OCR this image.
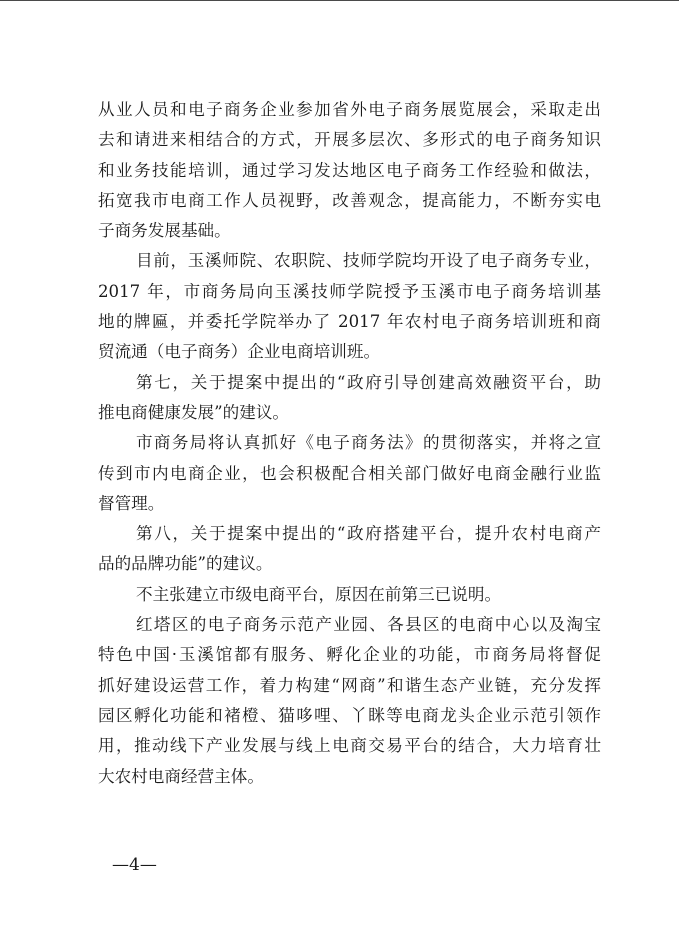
从业人员和电子商务企业参加省外电子商务展览展会，采取走出
去和请进来相结合的方式，开展多层次、多形式的电子商务知识
和业务技能培训，通过学习发达地区电子商务工作经验和做法，
拓宽我市电商工作人员视野，改善观念，提高能力，不断夯实电
子商务发展基础。
目前，玉溪师院、农职院、技师学院均开设了电子商务专业，
2017 年，市商务局向玉溪技师学院授予玉溪市电子商务培训基
地的牌匾，并委托学院举办了 2017 年农村电子商务培训班和商
贸流通（电子商务）企业电商培训班。
第七，关于提案中提出的“政府引导创建高效融资平台，助
推电商健康发展”的建议。
市商务局将认真抓好《电子商务法》的贯彻落实，并将之宣
传到市内电商企业，也会积极配合相关部门做好电商金融行业监
督管理。
第八，关于提案中提出的“政府搭建平台，提升农村电商产
品的品牌功能”的建议。
不主张建立市级电商平台，原因在前第三已说明。
红塔区的电子商务示范产业园、各县区的电商中心以及淘宝
特色中国·玉溪馆都有服务、孵化企业的功能，市商务局将督促
抓好建设运营工作，着力构建“网商”和谐生态产业链，充分发挥
园区孵化功能和褚橙、猫哆哩、丫眯等电商龙头企业示范引领作
用，推动线下产业发展与线上电商交易平台的结合，大力培育壮
大农村电商经营主体。
—4—
